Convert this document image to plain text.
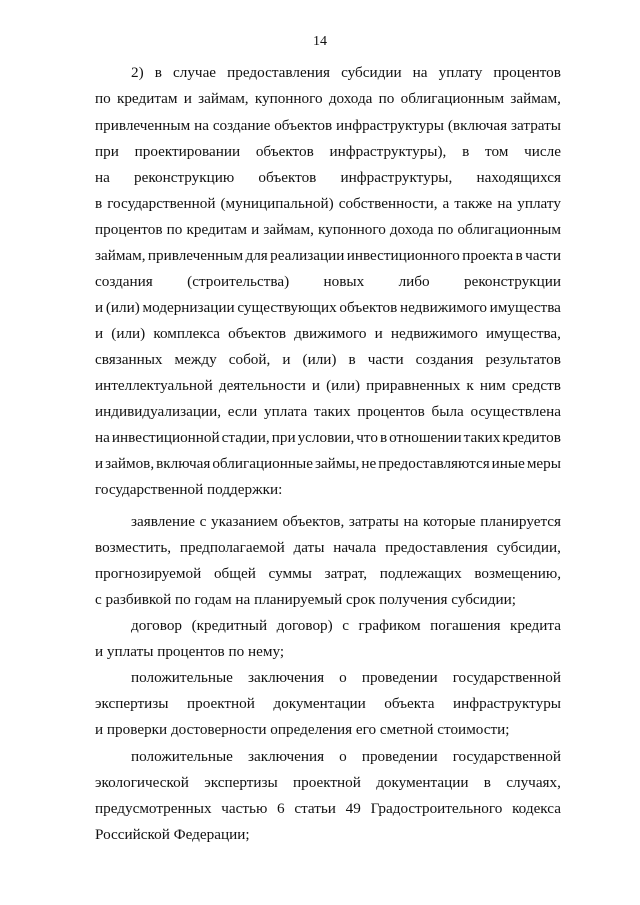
14
2) в случае предоставления субсидии на уплату процентов
по кредитам и займам, купонного дохода по облигационным займам,
привлеченным на создание объектов инфраструктуры (включая затраты
при проектировании объектов инфраструктуры), в том числе
на реконструкцию объектов инфраструктуры, находящихся
в государственной (муниципальной) собственности, а также на уплату
процентов по кредитам и займам, купонного дохода по облигационным
займам, привлеченным для реализации инвестиционного проекта в части
создания (строительства) новых либо реконструкции
и (или) модернизации существующих объектов недвижимого имущества
и (или) комплекса объектов движимого и недвижимого имущества,
связанных между собой, и (или) в части создания результатов
интеллектуальной деятельности и (или) приравненных к ним средств
индивидуализации, если уплата таких процентов была осуществлена
на инвестиционной стадии, при условии, что в отношении таких кредитов
и займов, включая облигационные займы, не предоставляются иные меры
государственной поддержки:
заявление с указанием объектов, затраты на которые планируется
возместить, предполагаемой даты начала предоставления субсидии,
прогнозируемой общей суммы затрат, подлежащих возмещению,
с разбивкой по годам на планируемый срок получения субсидии;
договор (кредитный договор) с графиком погашения кредита
и уплаты процентов по нему;
положительные заключения о проведении государственной
экспертизы проектной документации объекта инфраструктуры
и проверки достоверности определения его сметной стоимости;
положительные заключения о проведении государственной
экологической экспертизы проектной документации в случаях,
предусмотренных частью 6 статьи 49 Градостроительного кодекса
Российской Федерации;
